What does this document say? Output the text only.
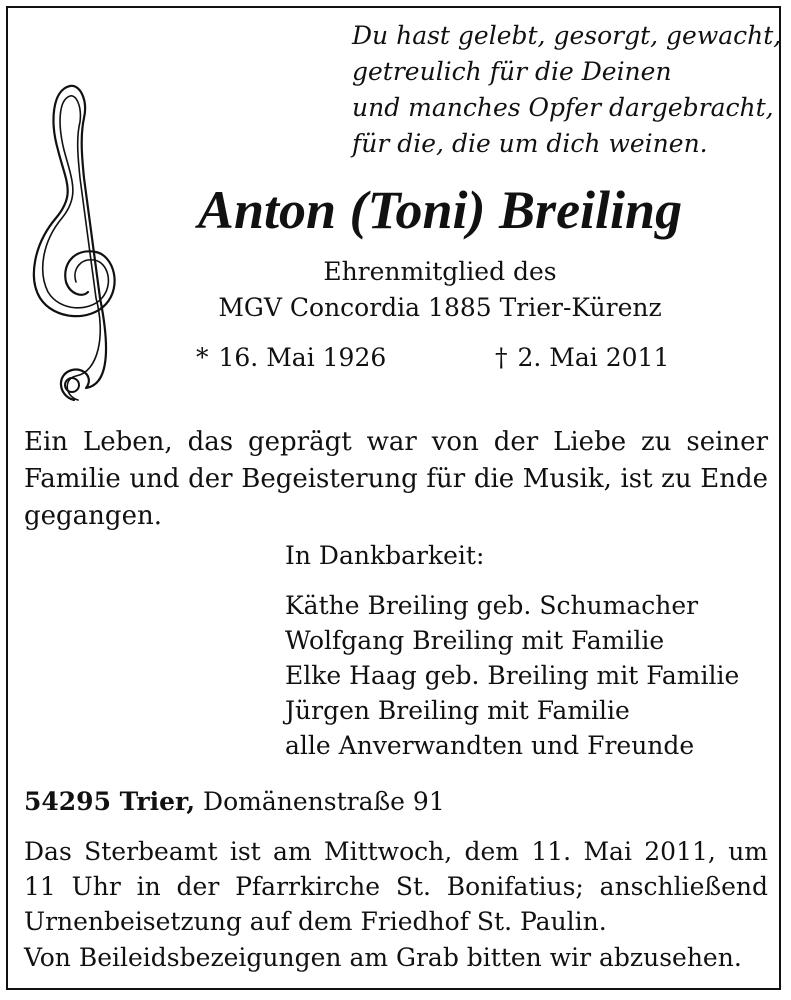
Du hast gelebt, gesorgt, gewacht,
getreulich für die Deinen
und manches Opfer dargebracht,
für die, die um dich weinen.
Anton (Toni) Breiling
Ehrenmitglied des
MGV Concordia 1885 Trier-Kürenz
* 16. Mai 1926	† 2. Mai 2011
Ein Leben, das geprägt war von der Liebe zu seiner Familie und der Begeisterung für die Musik, ist zu Ende gegangen.
In Dankbarkeit:
Käthe Breiling geb. Schumacher
Wolfgang Breiling mit Familie
Elke Haag geb. Breiling mit Familie
Jürgen Breiling mit Familie
alle Anverwandten und Freunde
54295 Trier, Domänenstraße 91
Das Sterbeamt ist am Mittwoch, dem 11. Mai 2011, um 11 Uhr in der Pfarrkirche St. Bonifatius; anschließend Urnenbeisetzung auf dem Friedhof St. Paulin.
Von Beileidsbezeigungen am Grab bitten wir abzusehen.
